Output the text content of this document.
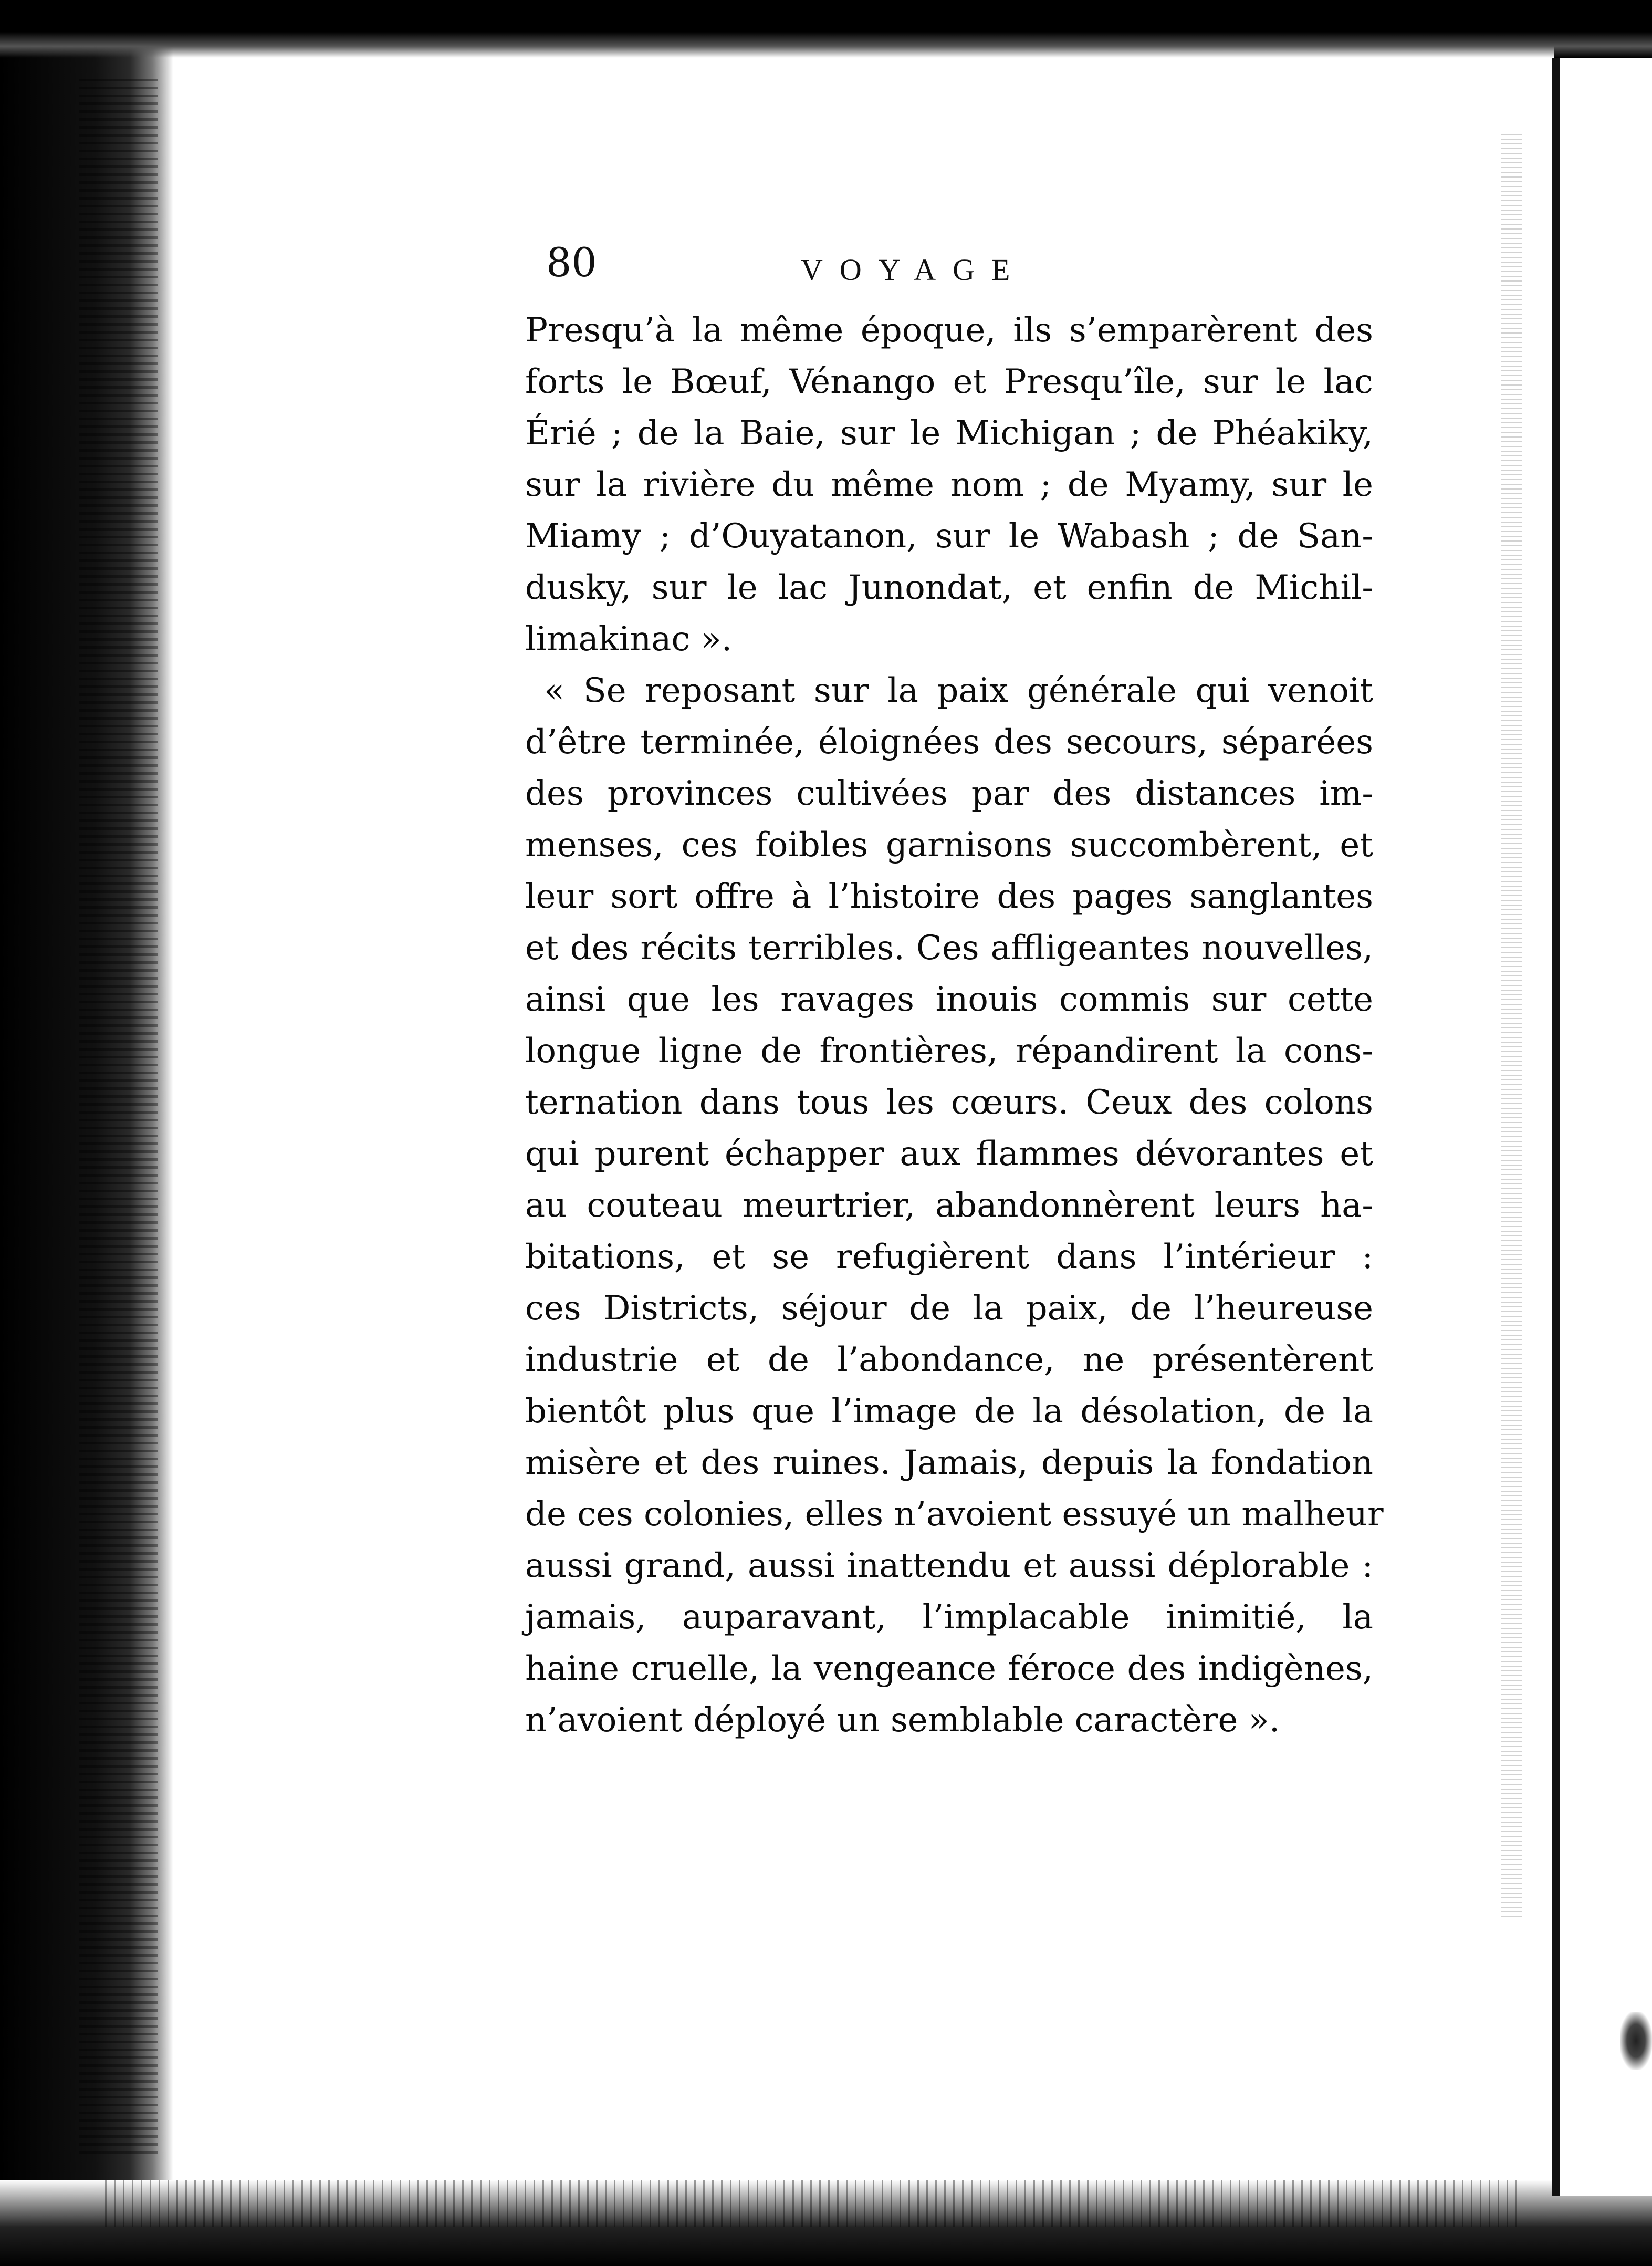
80	VOYAGE
Presqu’à la même époque, ils s’emparèrent des
forts le Bœuf, Vénango et Presqu’île, sur le lac
Érié ; de la Baie, sur le Michigan ; de Phéakiky,
sur la rivière du même nom ; de Myamy, sur le
Miamy ; d’Ouyatanon, sur le Wabash ; de San-
dusky, sur le lac Junondat, et enfin de Michil-
limakinac ».
« Se reposant sur la paix générale qui venoit
d’être terminée, éloignées des secours, séparées
des provinces cultivées par des distances im-
menses, ces foibles garnisons succombèrent, et
leur sort offre à l’histoire des pages sanglantes
et des récits terribles. Ces affligeantes nouvelles,
ainsi que les ravages inouis commis sur cette
longue ligne de frontières, répandirent la cons-
ternation dans tous les cœurs. Ceux des colons
qui purent échapper aux flammes dévorantes et
au couteau meurtrier, abandonnèrent leurs ha-
bitations, et se refugièrent dans l’intérieur :
ces Districts, séjour de la paix, de l’heureuse
industrie et de l’abondance, ne présentèrent
bientôt plus que l’image de la désolation, de la
misère et des ruines. Jamais, depuis la fondation
de ces colonies, elles n’avoient essuyé un malheur
aussi grand, aussi inattendu et aussi déplorable :
jamais, auparavant, l’implacable inimitié, la
haine cruelle, la vengeance féroce des indigènes,
n’avoient déployé un semblable caractère ».
